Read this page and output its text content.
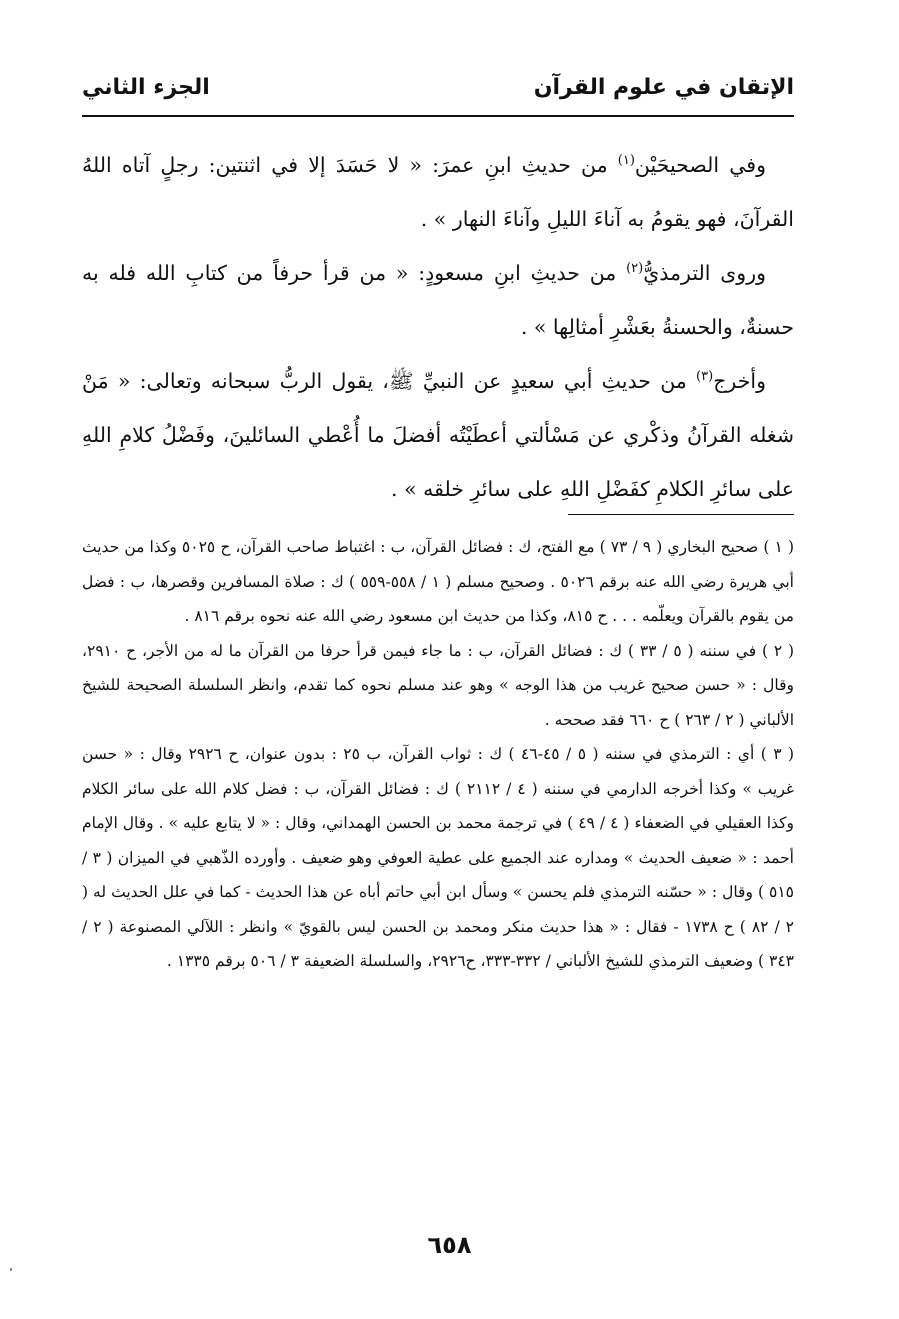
الإتقان في علوم القرآن
الجزء الثاني

وفي الصحيحَيْن$^{(١)}$ من حديثِ ابنِ عمرَ: « لا حَسَدَ إلا في اثنتين: رجلٍ آتاه اللهُ القرآنَ، فهو يقومُ به آناءَ الليلِ وآناءَ النهار » .

وروى الترمذيُّ$^{(٢)}$ من حديثِ ابنِ مسعودٍ: « من قرأ حرفاً من كتابِ الله فله به حسنةٌ، والحسنةُ بعَشْرِ أمثالِها » .

وأخرج$^{(٣)}$ من حديثِ أبي سعيدٍ عن النبيِّ ﷺ، يقول الربُّ سبحانه وتعالى: « مَنْ شغله القرآنُ وذكْري عن مَسْألتي أعطَيْتُه أفضلَ ما أُعْطي السائلينَ، وفَضْلُ كلامِ اللهِ على سائرِ الكلامِ كفَضْلِ اللهِ على سائرِ خلقه » .

( ١ ) صحيح البخاري ( ٩ / ٧٣ ) مع الفتح، ك : فضائل القرآن، ب : اغتباط صاحب القرآن، ح ٥٠٢٥ وكذا من حديث أبي هريرة رضي الله عنه برقم ٥٠٢٦ . وصحيح مسلم ( ١ / ٥٥٨-٥٥٩ ) ك : صلاة المسافرين وقصرها، ب : فضل من يقوم بالقرآن ويعلّمه . . . ح ٨١٥، وكذا من حديث ابن مسعود رضي الله عنه نحوه برقم ٨١٦ .

( ٢ ) في سننه ( ٥ / ٣٣ ) ك : فضائل القرآن، ب : ما جاء فيمن قرأ حرفا من القرآن ما له من الأجر، ح ٢٩١٠، وقال : « حسن صحيح غريب من هذا الوجه » وهو عند مسلم نحوه كما تقدم، وانظر السلسلة الصحيحة للشيخ الألباني ( ٢ / ٢٦٣ ) ح ٦٦٠ فقد صححه .

( ٣ ) أي : الترمذي في سننه ( ٥ / ٤٥-٤٦ ) ك : ثواب القرآن، ب ٢٥ : بدون عنوان، ح ٢٩٢٦ وقال : « حسن غريب » وكذا أخرجه الدارمي في سننه ( ٤ / ٢١١٢ ) ك : فضائل القرآن، ب : فضل كلام الله على سائر الكلام وكذا العقيلي في الضعفاء ( ٤ / ٤٩ ) في ترجمة محمد بن الحسن الهمداني، وقال : « لا يتابع عليه » . وقال الإمام أحمد : « ضعيف الحديث » ومداره عند الجميع على عطية العوفي وهو ضعيف . وأورده الذّهبي في الميزان ( ٣ / ٥١٥ ) وقال : « حسّنه الترمذي فلم يحسن » وسأل ابن أبي حاتم أباه عن هذا الحديث - كما في علل الحديث له ( ٢ / ٨٢ ) ح ١٧٣٨ - فقال : « هذا حديث منكر ومحمد بن الحسن ليس بالقويّ » وانظر : اللآلي المصنوعة ( ٢ / ٣٤٣ ) وضعيف الترمذي للشيخ الألباني / ٣٣٢-٣٣٣، ح٢٩٢٦، والسلسلة الضعيفة ٣ / ٥٠٦ برقم ١٣٣٥ .

٦٥٨
